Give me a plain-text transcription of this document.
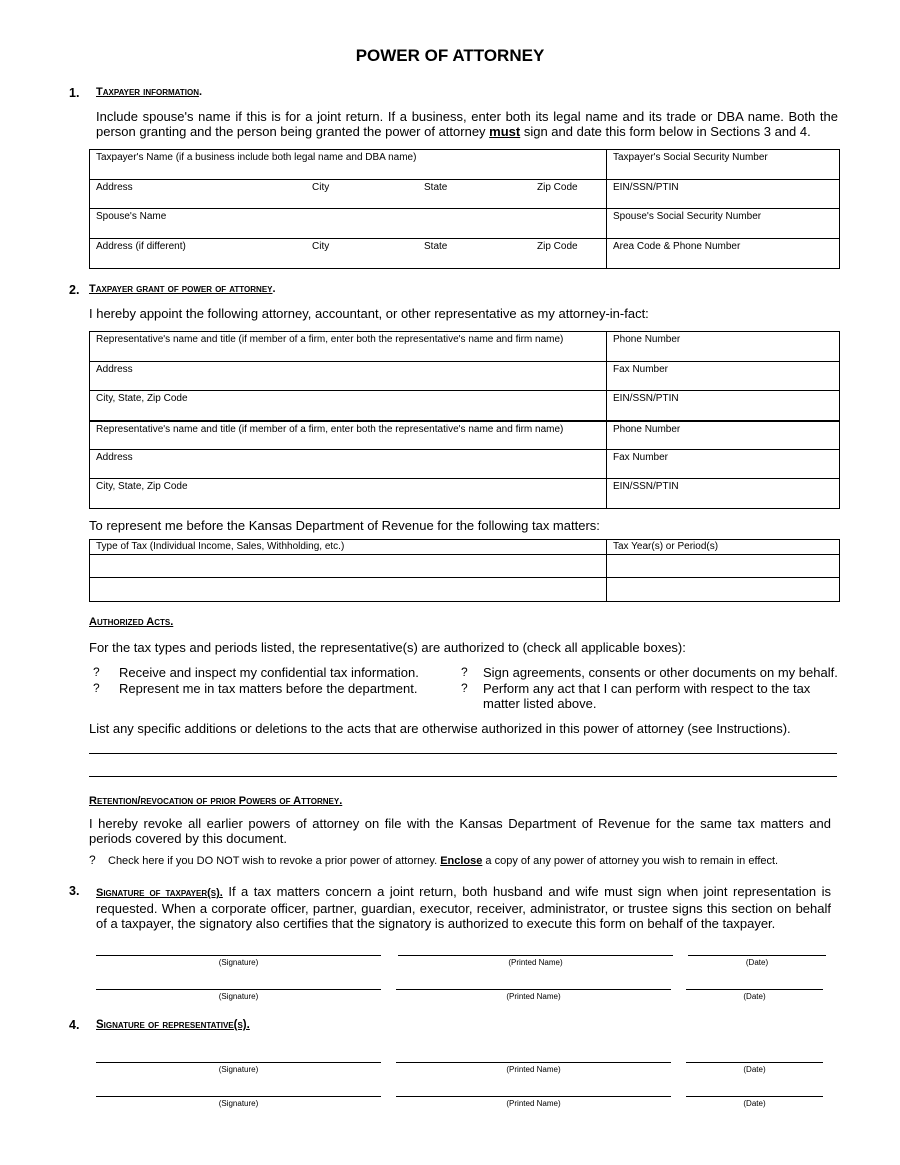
POWER OF ATTORNEY
1. Taxpayer information.
Include spouse's name if this is for a joint return. If a business, enter both its legal name and its trade or DBA name. Both the person granting and the person being granted the power of attorney must sign and date this form below in Sections 3 and 4.
Taxpayer's Name (if a business include both legal name and DBA name)	Taxpayer's Social Security Number

Address City State Zip Code	EIN/SSN/PTIN
Spouse's Name	Spouse's Social Security Number

Address (if different) City State Zip Code	Area Code & Phone Number
2. Taxpayer grant of power of attorney.
I hereby appoint the following attorney, accountant, or other representative as my attorney-in-fact:
Representative's name and title (if member of a firm, enter both the representative's name and firm name)	Phone Number
Address	Fax Number
City, State, Zip Code	EIN/SSN/PTIN
Representative's name and title (if member of a firm, enter both the representative's name and firm name)	Phone Number
Address	Fax Number
City, State, Zip Code	EIN/SSN/PTIN
To represent me before the Kansas Department of Revenue for the following tax matters:
Type of Tax (Individual Income, Sales, Withholding, etc.)	Tax Year(s) or Period(s)

Authorized Acts.
For the tax types and periods listed, the representative(s) are authorized to (check all applicable boxes):
? Receive and inspect my confidential tax information.
? Represent me in tax matters before the department.
? Sign agreements, consents or other documents on my behalf.
? Perform any act that I can perform with respect to the tax matter listed above.
List any specific additions or deletions to the acts that are otherwise authorized in this power of attorney (see Instructions).
Retention/revocation of prior Powers of Attorney.
I hereby revoke all earlier powers of attorney on file with the Kansas Department of Revenue for the same tax matters and periods covered by this document.
? Check here if you DO NOT wish to revoke a prior power of attorney. Enclose a copy of any power of attorney you wish to remain in effect.
3. Signature of taxpayer(s). If a tax matters concern a joint return, both husband and wife must sign when joint representation is requested. When a corporate officer, partner, guardian, executor, receiver, administrator, or trustee signs this section on behalf of a taxpayer, the signatory also certifies that the signatory is authorized to execute this form on behalf of the taxpayer.
(Signature)	(Printed Name)	(Date)
(Signature)	(Printed Name)	(Date)
4. Signature of representative(s).
(Signature)	(Printed Name)	(Date)
(Signature)	(Printed Name)	(Date)
